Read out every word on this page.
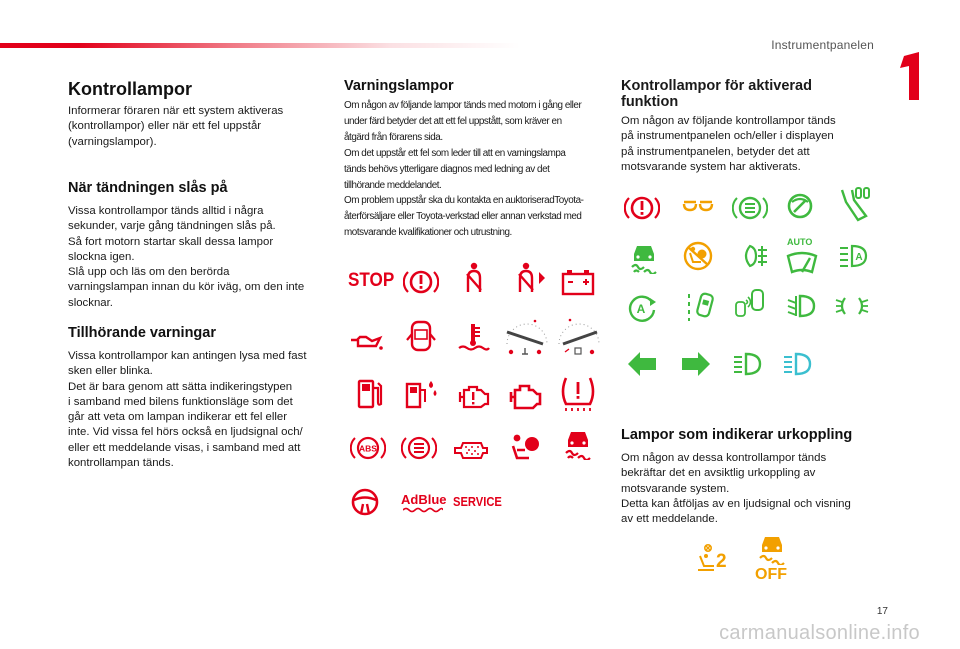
Instrumentpanelen
1
Kontrollampor

Informerar föraren när ett system aktiveras
(kontrollampor) eller när ett fel uppstår
(varningslampor).

När tändningen slås på

Vissa kontrollampor tänds alltid i några
sekunder, varje gång tändningen slås på.
Så fort motorn startar skall dessa lampor
slockna igen.
Slå upp och läs om den berörda
varningslampan innan du kör iväg, om den inte
slocknar.

Tillhörande varningar

Vissa kontrollampor kan antingen lysa med fast
sken eller blinka.
Det är bara genom att sätta indikeringstypen
i samband med bilens funktionsläge som det
går att veta om lampan indikerar ett fel eller
inte. Vid vissa fel hörs också en ljudsignal och/
eller ett meddelande visas, i samband med att
kontrollampan tänds.

Varningslampor

Om någon av följande lampor tänds med motorn i gång eller
under färd betyder det att ett fel uppstått, som kräver en
åtgärd från förarens sida.
Om det uppstår ett fel som leder till att en varningslampa
tänds behövs ytterligare diagnos med ledning av det
tillhörande meddelandet.
Om problem uppstår ska du kontakta en auktoriseradToyota-
återförsäljare eller Toyota-verkstad eller annan verkstad med
motsvarande kvalifikationer och utrustning.

STOP
ABS
AdBlue SERVICE
Kontrollampor för aktiverad
funktion

Om någon av följande kontrollampor tänds
på instrumentpanelen och/eller i displayen
på instrumentpanelen, betyder det att
motsvarande system har aktiverats.

AUTO
A
A
Lampor som indikerar urkoppling

Om någon av dessa kontrollampor tänds
bekräftar det en avsiktlig urkoppling av
motsvarande system.
Detta kan åtföljas av en ljudsignal och visning
av ett meddelande.

2
OFF
17
carmanualsonline.info
